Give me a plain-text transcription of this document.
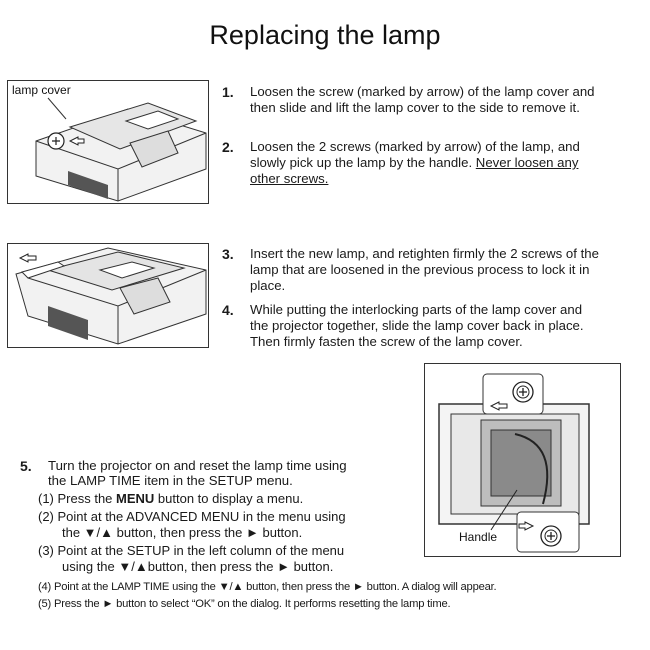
Replacing the lamp
lamp cover	1. Loosen the screw (marked by arrow) of the lamp cover and then slide and lift the lamp cover to the side to remove it.
2. Loosen the 2 screws (marked by arrow) of the lamp, and slowly pick up the lamp by the handle. Never loosen any other screws.
3. Insert the new lamp, and retighten firmly the 2 screws of the lamp that are loosened in the previous process to lock it in place.
4. While putting the interlocking parts of the lamp cover and the projector together, slide the lamp cover back in place. Then firmly fasten the screw of the lamp cover.
Handle
5. Turn the projector on and reset the lamp time using
the LAMP TIME item in the SETUP menu.
(1) Press the MENU button to display a menu.
(2) Point at the ADVANCED MENU in the menu using
the ▼/▲ button, then press the ► button.
(3) Point at the SETUP in the left column of the menu
using the ▼/▲button, then press the ► button.
(4) Point at the LAMP TIME using the ▼/▲ button, then press the ► button. A dialog will appear.
(5) Press the ► button to select “OK” on the dialog. It performs resetting the lamp time.
